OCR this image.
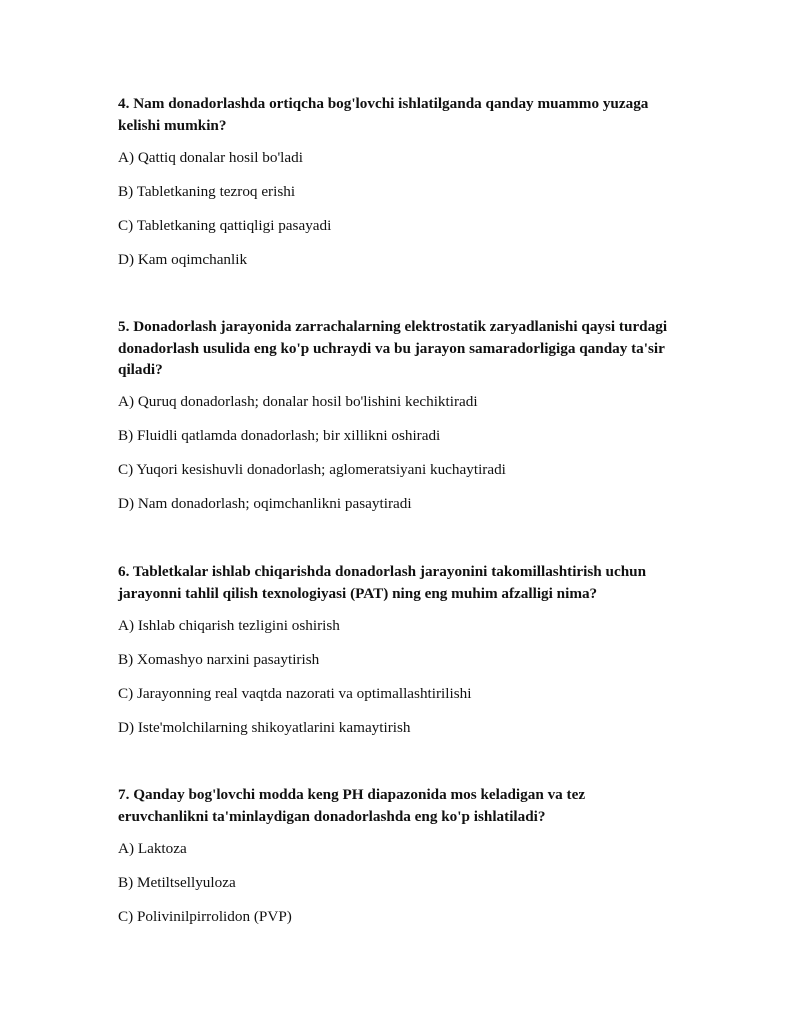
4. Nam donadorlashda ortiqcha bog'lovchi ishlatilganda qanday muammo yuzaga kelishi mumkin?

A) Qattiq donalar hosil bo'ladi

B) Tabletkaning tezroq erishi

C) Tabletkaning qattiqligi pasayadi

D) Kam oqimchanlik

5. Donadorlash jarayonida zarrachalarning elektrostatik zaryadlanishi qaysi turdagi donadorlash usulida eng ko'p uchraydi va bu jarayon samaradorligiga qanday ta'sir qiladi?

A) Quruq donadorlash; donalar hosil bo'lishini kechiktiradi

B) Fluidli qatlamda donadorlash; bir xillikni oshiradi

C) Yuqori kesishuvli donadorlash; aglomeratsiyani kuchaytiradi

D) Nam donadorlash; oqimchanlikni pasaytiradi

6. Tabletkalar ishlab chiqarishda donadorlash jarayonini takomillashtirish uchun jarayonni tahlil qilish texnologiyasi (PAT) ning eng muhim afzalligi nima?

A) Ishlab chiqarish tezligini oshirish

B) Xomashyo narxini pasaytirish

C) Jarayonning real vaqtda nazorati va optimallashtirilishi

D) Iste'molchilarning shikoyatlarini kamaytirish

7. Qanday bog'lovchi modda keng PH diapazonida mos keladigan va tez eruvchanlikni ta'minlaydigan donadorlashda eng ko'p ishlatiladi?

A) Laktoza

B) Metiltsellyuloza

C) Polivinilpirrolidon (PVP)
